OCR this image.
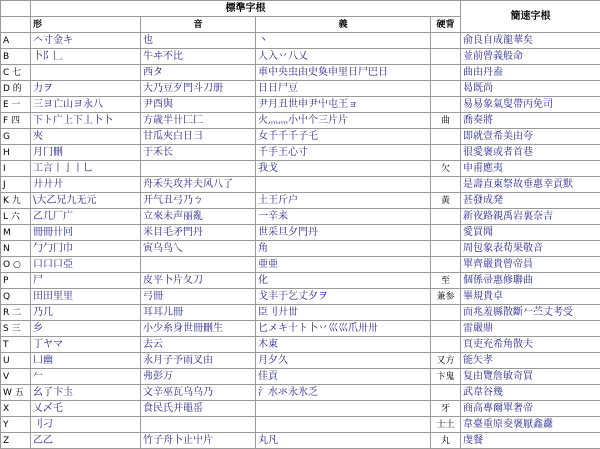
	標準字根				簡速字根
	形	音	義	硬背	
A	𠆢寸金キ	也	丶		俞良自成龍華矣
B	卜阝𠃊	牛ヰ不比	人入丷八乂		並前曾義般命
C 七		西タ	車中央虫由史奐申里日尸巴日		曲由丹盍
D 的	力ヲ	大乃豆歹門斗刀册	日日尸豆		曷既尚
E 一	三ヨ亡山ヨ永八	尹酉與	尹月丑世申尹屮屯王ョ		易易象氣叟帶丙免司
F 四	下ト广上下丄卜卜	方歳半卄匚匚	火灬灬小屮个三片片	曲	喬奏將
G	夾	甘瓜夾白日彐	女千千千子乇		即就壹希美由夸
H	月冂刪	于禾长	千手王心寸		很愛褒或者首巷
I	工言丨亅丨乚		我戈	欠	申甫應夷
J	廾廾廾	舟禾失攻丼夫风八了			是壽直東祭故垂惠幸貢默
K 九	\大乙兄九无元	开气丑弓乃ㄅ	土王斤户	黃	甚發成発
L 六	乙几厂广	立來未声丽亂	一辛来		新夜路親禹岩裏奈吉
M	冊冊卄冋	米目毛矛門丹	世采旦夕門丹		愛買聞
N	勹勹冂巾	寅乌鸟乀	角		周包象表荀果敬音
O ○	口口口亞		亜亜		單齊嚴貴曾帝員
P	尸	皮平卜片夂刀	化	至	個係帚惠修聯曲
Q	田田里里	弓冊	戈丰于乞丈夕ヲ	兼参	畢規貴卓
R 二	乃几	耳耳儿冊	臣刂廾丗		而兆羞縣散斷𠂉苎丈考受
S 三	乡	小少糸身世冊刪生	匕メキ十ト卜丷巛巛爪卅卅		雷嚴鼎
T	丁ヤマ	去云	木東		頁吏充希角散夫
U	凵幽	永月子予雨叉由	月夕久	又方	能矢孝
V	𠂉	弗彭万	佳貢	卞鬼	复由覽詹敏奇買
W 五	幺了卞圡	文辛巫瓦乌乌乃	氵水氺永氷乏		武韋谷幾
X	乂乄乇	食民氏并黽䍃		牙	商高專爾單奢帝
Y	刂刁			士土	韋臺重原夌褒厭鑫纛
Z	乙乙	竹子舟卜止屮片	丸凡	丸	虔餐
